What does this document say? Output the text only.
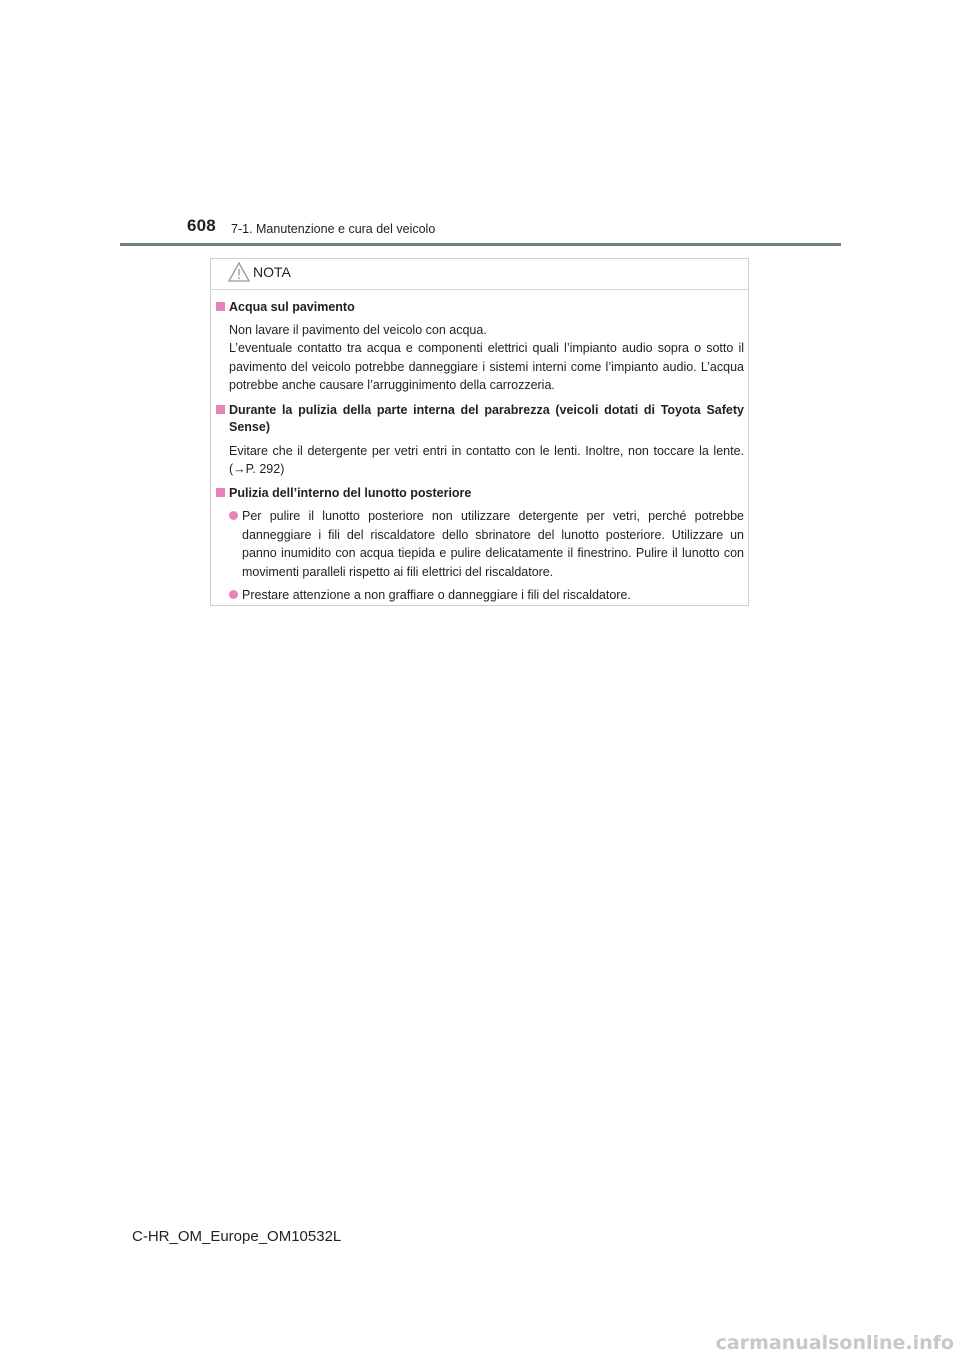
608 7-1. Manutenzione e cura del veicolo
NOTA
Acqua sul pavimento
Non lavare il pavimento del veicolo con acqua.
L’eventuale contatto tra acqua e componenti elettrici quali l’impianto audio sopra o sotto il pavimento del veicolo potrebbe danneggiare i sistemi interni come l’impianto audio. L’acqua potrebbe anche causare l’arrugginimento della carrozzeria.
Durante la pulizia della parte interna del parabrezza (veicoli dotati di Toyota Safety Sense)
Evitare che il detergente per vetri entri in contatto con le lenti. Inoltre, non toccare la lente. (→P. 292)
Pulizia dell’interno del lunotto posteriore
Per pulire il lunotto posteriore non utilizzare detergente per vetri, perché potrebbe danneggiare i fili del riscaldatore dello sbrinatore del lunotto posteriore. Utilizzare un panno inumidito con acqua tiepida e pulire delicatamente il finestrino. Pulire il lunotto con movimenti paralleli rispetto ai fili elettrici del riscaldatore.
Prestare attenzione a non graffiare o danneggiare i fili del riscaldatore.
C-HR_OM_Europe_OM10532L
carmanualsonline.info
